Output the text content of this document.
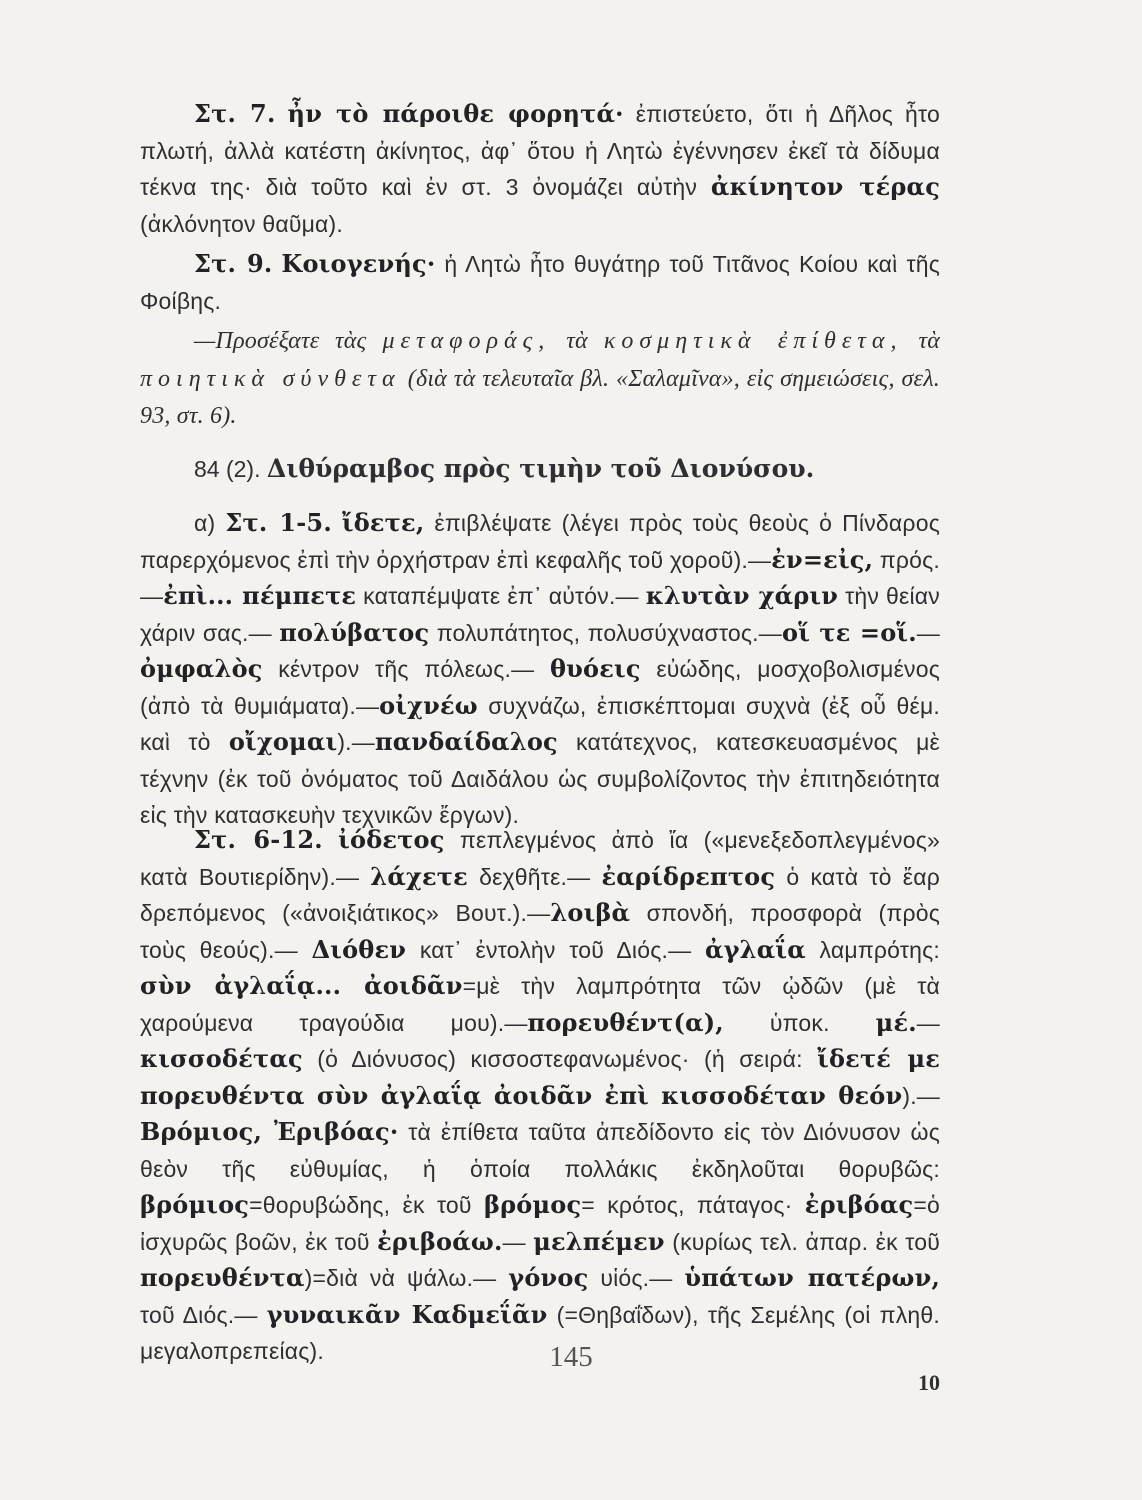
Στ. 7. ἦν τὸ πάροιθε φορητά· ἐπιστεύετο, ὅτι ἡ Δῆλος ἦτο πλωτή, ἀλλὰ κατέστη ἀκίνητος, ἀφ᾽ ὅτου ἡ Λητὼ ἐγέννησεν ἐκεῖ τὰ δίδυμα τέκνα της· διὰ τοῦτο καὶ ἐν στ. 3 ὀνομάζει αὐτὴν ἀκίνητον τέρας (ἀκλόνητον θαῦμα).
Στ. 9. Κοιογενής· ἡ Λητὼ ἦτο θυγάτηρ τοῦ Τιτᾶνος Κοίου καὶ τῆς Φοίβης.
—Προσέξατε τὰς μεταφοράς, τὰ κοσμητικὰ ἐπίθετα, τὰ ποιητικὰ σύνθετα (διὰ τὰ τελευταῖα βλ. «Σαλαμῖνα», εἰς σημειώσεις, σελ. 93, στ. 6).
84 (2). Διθύραμβος πρὸς τιμὴν τοῦ Διονύσου.
α) Στ. 1-5. ἴδετε, ἐπιβλέψατε (λέγει πρὸς τοὺς θεοὺς ὁ Πίνδαρος παρερχόμενος ἐπὶ τὴν ὀρχήστραν ἐπὶ κεφαλῆς τοῦ χοροῦ).—ἐν=εἰς, πρός.—ἐπὶ... πέμπετε καταπέμψατε ἐπ᾽ αὐτόν.— κλυτὰν χάριν τὴν θείαν χάριν σας.— πολύβατος πολυπάτητος, πολυσύχναστος.—οἵ τε =οἵ.— ὀμφαλὸς κέντρον τῆς πόλεως.— θυόεις εὐώδης, μοσχοβολισμένος (ἀπὸ τὰ θυμιάματα).—οἰχνέω συχνάζω, ἐπισκέπτομαι συχνὰ (ἐξ οὗ θέμ. καὶ τὸ οἴχομαι).—πανδαίδαλος κατάτεχνος, κατεσκευασμένος μὲ τέχνην (ἐκ τοῦ ὀνόματος τοῦ Δαιδάλου ὡς συμβολίζοντος τὴν ἐπιτηδειότητα εἰς τὴν κατασκευὴν τεχνικῶν ἔργων).
Στ. 6-12. ἰόδετος πεπλεγμένος ἀπὸ ἴα («μενεξεδοπλεγμένος» κατὰ Βουτιερίδην).— λάχετε δεχθῆτε.— ἐαρίδρεπτος ὁ κατὰ τὸ ἔαρ δρεπόμενος («ἀνοιξιάτικος» Βουτ.).—λοιβὰ σπονδή, προσφορὰ (πρὸς τοὺς θεούς).— Διόθεν κατ᾽ ἐντολὴν τοῦ Διός.— ἀγλαΐα λαμπρότης: σὺν ἀγλαΐᾳ... ἀοιδᾶν=μὲ τὴν λαμπρότητα τῶν ᾠδῶν (μὲ τὰ χαρούμενα τραγούδια μου).—πορευθέντ(α), ὑποκ. μέ.—κισσοδέτας (ὁ Διόνυσος) κισσοστεφανωμένος· (ἡ σειρά: ἴδετέ με πορευθέντα σὺν ἀγλαΐᾳ ἀοιδᾶν ἐπὶ κισσοδέταν θεόν).— Βρόμιος, Ἐριβόας· τὰ ἐπίθετα ταῦτα ἀπεδίδοντο εἰς τὸν Διόνυσον ὡς θεὸν τῆς εὐθυμίας, ἡ ὁποία πολλάκις ἐκδηλοῦται θορυβῶς: βρόμιος=θορυβώδης, ἐκ τοῦ βρόμος= κρότος, πάταγος· ἐριβόας=ὁ ἰσχυρῶς βοῶν, ἐκ τοῦ ἐριβοάω.— μελπέμεν (κυρίως τελ. ἀπαρ. ἐκ τοῦ πορευθέντα)=διὰ νὰ ψάλω.— γόνος υἱός.— ὑπάτων πατέρων, τοῦ Διός.— γυναικᾶν Καδμεΐᾶν (=Θηβαΐδων), τῆς Σεμέλης (οἱ πληθ. μεγαλοπρεπείας).	145
10
